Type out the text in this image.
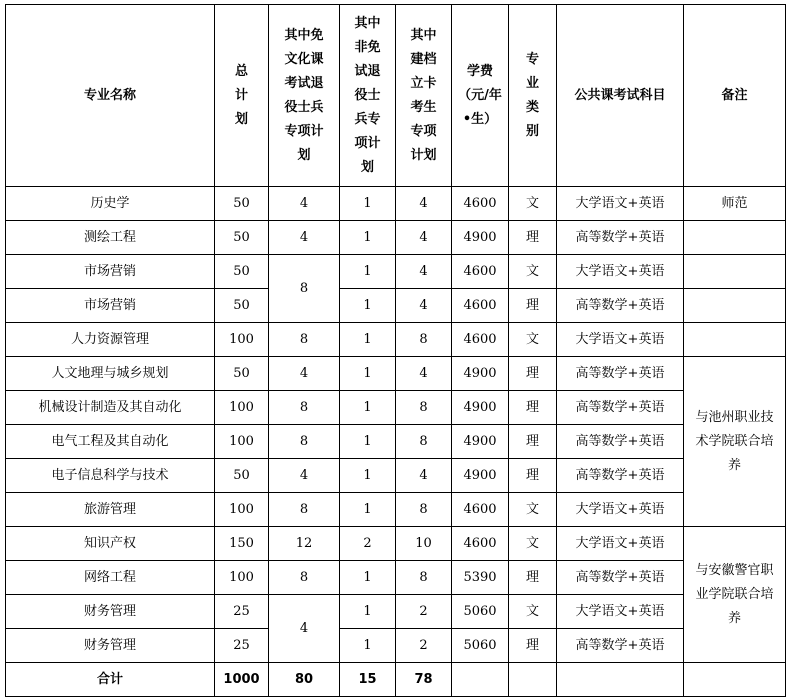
专业名称	总计划	其中免文化课考试退役士兵专项计划	其中非免试退役士兵专项计划	其中建档立卡考生专项计划	学费（元/年•生）	专业类别	公共课考试科目	备注
历史学	50	4	1	4	4600	文	大学语文+英语	师范
测绘工程	50	4	1	4	4900	理	高等数学+英语	
市场营销	50	8	1	4	4600	文	大学语文+英语	
市场营销	50		1	4	4600	理	高等数学+英语	
人力资源管理	100	8	1	8	4600	文	大学语文+英语	
人文地理与城乡规划	50	4	1	4	4900	理	高等数学+英语	与池州职业技术学院联合培养
机械设计制造及其自动化	100	8	1	8	4900	理	高等数学+英语	
电气工程及其自动化	100	8	1	8	4900	理	高等数学+英语	
电子信息科学与技术	50	4	1	4	4900	理	高等数学+英语	
旅游管理	100	8	1	8	4600	文	大学语文+英语	
知识产权	150	12	2	10	4600	文	大学语文+英语	与安徽警官职业学院联合培养
网络工程	100	8	1	8	5390	理	高等数学+英语	
财务管理	25	4	1	2	5060	文	大学语文+英语	
财务管理	25		1	2	5060	理	高等数学+英语	
合计	1000	80	15	78				
